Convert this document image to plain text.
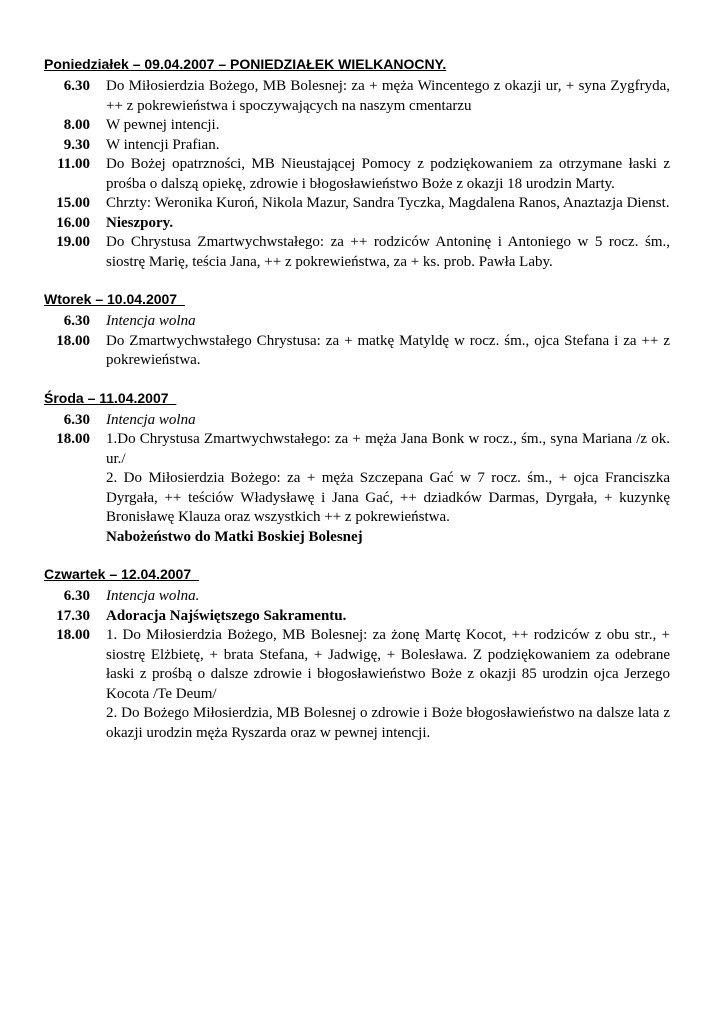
Poniedziałek – 09.04.2007 – PONIEDZIAŁEK WIELKANOCNY.
6.30	Do Miłosierdzia Bożego, MB Bolesnej: za + męża Wincentego z okazji ur, + syna Zygfryda, ++ z pokrewieństwa i spoczywających na naszym cmentarzu

8.00	W pewnej intencji.

9.30	W intencji Prafian.

11.00	Do Bożej opatrzności, MB Nieustającej Pomocy z podziękowaniem za otrzymane łaski z prośba o dalszą opiekę, zdrowie i błogosławieństwo Boże z okazji 18 urodzin Marty.

15.00	Chrzty: Weronika Kuroń, Nikola Mazur, Sandra Tyczka, Magdalena Ranos, Anaztazja Dienst.

16.00	Nieszpory.

19.00	Do Chrystusa Zmartwychwstałego: za ++ rodziców Antoninę i Antoniego w 5 rocz. śm., siostrę Marię, teścia Jana, ++ z pokrewieństwa, za + ks. prob. Pawła Laby.

Wtorek – 10.04.2007
6.30	Intencja wolna

18.00	Do Zmartwychwstałego Chrystusa: za + matkę Matyldę w rocz. śm., ojca Stefana i za ++ z pokrewieństwa.

Środa – 11.04.2007
6.30	Intencja wolna

18.00	1.Do Chrystusa Zmartwychwstałego: za + męża Jana Bonk w rocz., śm., syna Mariana /z ok. ur./

2. Do Miłosierdzia Bożego: za + męża Szczepana Gać w 7 rocz. śm., + ojca Franciszka Dyrgała, ++ teściów Władysławę i Jana Gać, ++ dziadków Darmas, Dyrgała, + kuzynkę Bronisławę Klauza oraz wszystkich ++ z pokrewieństwa.

Nabożeństwo do Matki Boskiej Bolesnej

Czwartek – 12.04.2007
6.30	Intencja wolna.

17.30	Adoracja Najświętszego Sakramentu.

18.00	1. Do Miłosierdzia Bożego, MB Bolesnej: za żonę Martę Kocot, ++ rodziców z obu str., + siostrę Elżbietę, + brata Stefana, + Jadwigę, + Bolesława. Z podziękowaniem za odebrane łaski z prośbą o dalsze zdrowie i błogosławieństwo Boże z okazji 85 urodzin ojca Jerzego Kocota /Te Deum/

2. Do Bożego Miłosierdzia, MB Bolesnej o zdrowie i Boże błogosławieństwo na dalsze lata z okazji urodzin męża Ryszarda oraz w pewnej intencji.
